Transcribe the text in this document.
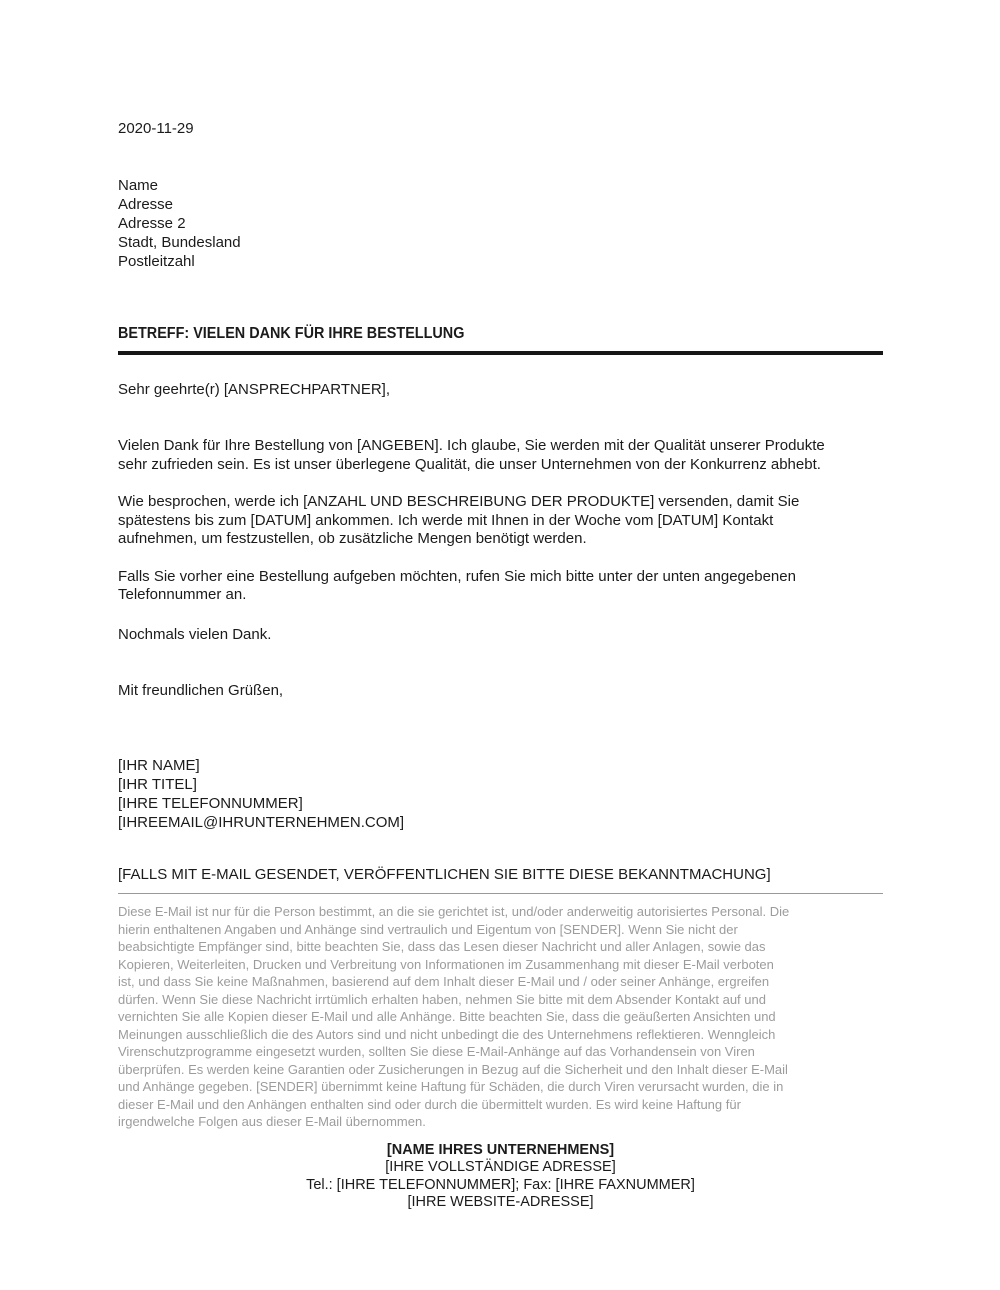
2020-11-29
Name
Adresse
Adresse 2
Stadt, Bundesland
Postleitzahl
BETREFF: VIELEN DANK FÜR IHRE BESTELLUNG
Sehr geehrte(r) [ANSPRECHPARTNER],
Vielen Dank für Ihre Bestellung von [ANGEBEN]. Ich glaube, Sie werden mit der Qualität unserer Produkte sehr zufrieden sein. Es ist unser überlegene Qualität, die unser Unternehmen von der Konkurrenz abhebt.
Wie besprochen, werde ich [ANZAHL UND BESCHREIBUNG DER PRODUKTE] versenden, damit Sie spätestens bis zum [DATUM] ankommen. Ich werde mit Ihnen in der Woche vom [DATUM] Kontakt aufnehmen, um festzustellen, ob zusätzliche Mengen benötigt werden.
Falls Sie vorher eine Bestellung aufgeben möchten, rufen Sie mich bitte unter der unten angegebenen Telefonnummer an.
Nochmals vielen Dank.
Mit freundlichen Grüßen,
[IHR NAME]
[IHR TITEL]
[IHRE TELEFONNUMMER]
[IHREEMAIL@IHRUNTERNEHMEN.COM]
[FALLS MIT E-MAIL GESENDET, VERÖFFENTLICHEN SIE BITTE DIESE BEKANNTMACHUNG]
Diese E-Mail ist nur für die Person bestimmt, an die sie gerichtet ist, und/oder anderweitig autorisiertes Personal. Die
hierin enthaltenen Angaben und Anhänge sind vertraulich und Eigentum von [SENDER]. Wenn Sie nicht der
beabsichtigte Empfänger sind, bitte beachten Sie, dass das Lesen dieser Nachricht und aller Anlagen, sowie das
Kopieren, Weiterleiten, Drucken und Verbreitung von Informationen im Zusammenhang mit dieser E-Mail verboten
ist, und dass Sie keine Maßnahmen, basierend auf dem Inhalt dieser E-Mail und / oder seiner Anhänge, ergreifen
dürfen. Wenn Sie diese Nachricht irrtümlich erhalten haben, nehmen Sie bitte mit dem Absender Kontakt auf und
vernichten Sie alle Kopien dieser E-Mail und alle Anhänge. Bitte beachten Sie, dass die geäußerten Ansichten und
Meinungen ausschließlich die des Autors sind und nicht unbedingt die des Unternehmens reflektieren. Wenngleich
Virenschutzprogramme eingesetzt wurden, sollten Sie diese E-Mail-Anhänge auf das Vorhandensein von Viren
überprüfen. Es werden keine Garantien oder Zusicherungen in Bezug auf die Sicherheit und den Inhalt dieser E-Mail
und Anhänge gegeben. [SENDER] übernimmt keine Haftung für Schäden, die durch Viren verursacht wurden, die in
dieser E-Mail und den Anhängen enthalten sind oder durch die übermittelt wurden. Es wird keine Haftung für
irgendwelche Folgen aus dieser E-Mail übernommen.
[NAME IHRES UNTERNEHMENS]
[IHRE VOLLSTÄNDIGE ADRESSE]
Tel.: [IHRE TELEFONNUMMER]; Fax: [IHRE FAXNUMMER]
[IHRE WEBSITE-ADRESSE]
